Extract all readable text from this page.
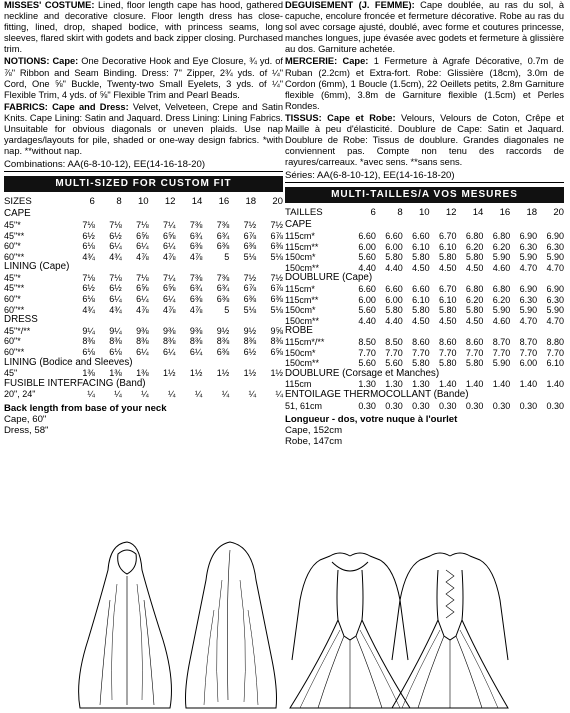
MISSES' COSTUME: Lined, floor length cape has hood, gathered neckline and decorative closure. Floor length dress has close-fitting, lined, drop, shaped bodice, with princess seams, long sleeves, flared skirt with godets and back zipper closing. Purchased trim.

NOTIONS: Cape: One Decorative Hook and Eye Closure, ¾ yd. of ⅞" Ribbon and Seam Binding. Dress: 7" Zipper, 2¾ yds. of ¼" Cord, One ⅝" Buckle, Twenty-two Small Eyelets, 3 yds. of ¼" Flexible Trim, 4 yds. of ⅝" Flexible Trim and Pearl Beads.

FABRICS: Cape and Dress: Velvet, Velveteen, Crepe and Satin Knits. Cape Lining: Satin and Jaquard. Dress Lining: Lining Fabrics. Unsuitable for obvious diagonals or uneven plaids. Use nap yardages/layouts for pile, shaded or one-way design fabrics. *with nap. **without nap.

Combinations: AA(6-8-10-12), EE(14-16-18-20)
MULTI-SIZED FOR CUSTOM FIT
SIZES	6	8	10	12	14	16	18	20
CAPE								
45"*	7⅛	7⅛	7⅛	7¼	7⅜	7⅜	7½	7½
45"**	6½	6½	6⅝	6⅝	6¾	6¾	6⅞	6⅞
60"*	6⅛	6¼	6¼	6¼	6⅜	6⅜	6⅜	6⅜
60"**	4¾	4¾	4⅞	4⅞	4⅞	5	5⅛	5⅛
LINING (Cape)								
45"*	7⅛	7⅛	7⅛	7¼	7⅜	7⅜	7½	7½
45"**	6½	6½	6⅝	6⅝	6¾	6¾	6⅞	6⅞
60"*	6⅛	6¼	6¼	6¼	6⅜	6⅜	6⅜	6⅜
60"**	4¾	4¾	4⅞	4⅞	4⅞	5	5⅛	5⅛
DRESS								
45"*/**	9¼	9¼	9⅜	9⅜	9⅜	9½	9½	9⅝
60"*	8⅜	8⅜	8⅜	8⅜	8⅜	8⅜	8⅜	8⅜
60"**	6⅛	6⅛	6¼	6¼	6¼	6⅜	6½	6⅝
LINING (Bodice and Sleeves)								
45"	1⅜	1⅜	1⅜	1½	1½	1½	1½	1½
FUSIBLE INTERFACING (Band)								
20", 24"	¼	¼	¼	¼	¼	¼	¼	¼
Back length from base of your neck
Cape, 60"
Dress, 58"

DEGUISEMENT (J. FEMME): Cape doublée, au ras du sol, à capuche, encolure froncée et fermeture décorative. Robe au ras du sol avec corsage ajusté, doublé, avec forme et coutures princesse, manches longues, jupe évasée avec godets et fermeture à glissière au dos. Garniture achetée.

MERCERIE: Cape: 1 Fermeture à Agrafe Décorative, 0.7m de Ruban (2.2cm) et Extra-fort. Robe: Glissière (18cm), 3.0m de Cordon (6mm), 1 Boucle (1.5cm), 22 Oeillets petits, 2.8m Garniture flexible (6mm), 3.8m de Garniture flexible (1.5cm) et Perles Rondes.

TISSUS: Cape et Robe: Velours, Velours de Coton, Crêpe et Maille à peu d'élasticité. Doublure de Cape: Satin et Jaquard. Doublure de Robe: Tissus de doublure. Grandes diagonales ne conviennent pas. Compte non tenu des raccords de rayures/carreaux. *avec sens. **sans sens.

Séries: AA(6-8-10-12), EE(14-16-18-20)
MULTI-TAILLES/A VOS MESURES
TAILLES	6	8	10	12	14	16	18	20
CAPE								
115cm*	6.60	6.60	6.60	6.70	6.80	6.80	6.90	6.90
115cm**	6.00	6.00	6.10	6.10	6.20	6.20	6.30	6.30
150cm*	5.60	5.80	5.80	5.80	5.80	5.90	5.90	5.90
150cm**	4.40	4.40	4.50	4.50	4.50	4.60	4.70	4.70
DOUBLURE (Cape)								
115cm*	6.60	6.60	6.60	6.70	6.80	6.80	6.90	6.90
115cm**	6.00	6.00	6.10	6.10	6.20	6.20	6.30	6.30
150cm*	5.60	5.80	5.80	5.80	5.80	5.90	5.90	5.90
150cm**	4.40	4.40	4.50	4.50	4.50	4.60	4.70	4.70
ROBE								
115cm*/**	8.50	8.50	8.60	8.60	8.60	8.70	8.70	8.80
150cm*	7.70	7.70	7.70	7.70	7.70	7.70	7.70	7.70
150cm**	5.60	5.60	5.80	5.80	5.80	5.90	6.00	6.10
DOUBLURE (Corsage et Manches)								
115cm	1.30	1.30	1.30	1.40	1.40	1.40	1.40	1.40
ENTOILAGE THERMOCOLLANT (Bande)								
51, 61cm	0.30	0.30	0.30	0.30	0.30	0.30	0.30	0.30
Longueur - dos, votre nuque à l'ourlet
Cape, 152cm
Robe, 147cm
